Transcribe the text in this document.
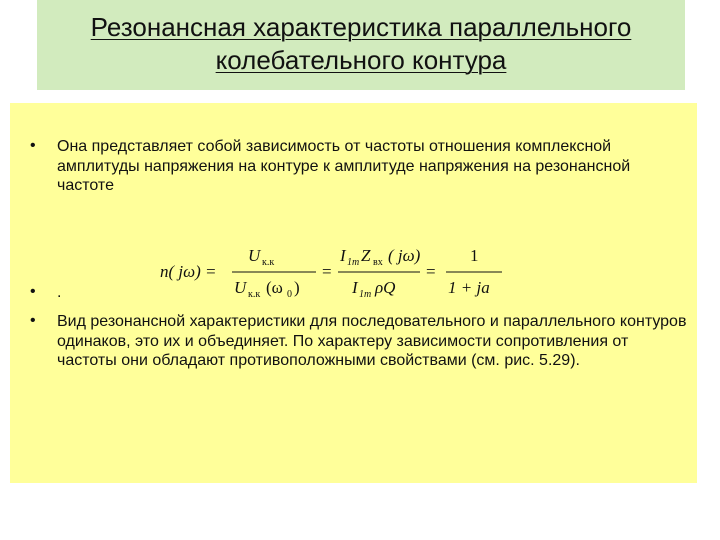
Резонансная характеристика параллельного
колебательного контура
• Она представляет собой зависимость от частоты отношения комплексной амплитуды напряжения на контуре к амплитуде напряжения на резонансной частоте
n( jω) =
U к.к
U к.к (ω 0 )
=
I 1m Z вх ( jω)
I 1m ρQ
=
1
1 + ja
• .
• Вид резонансной характеристики для последовательного и параллельного контуров одинаков, это их и объединяет. По характеру зависимости сопротивления от частоты они обладают противоположными свойствами (см. рис. 5.29).
